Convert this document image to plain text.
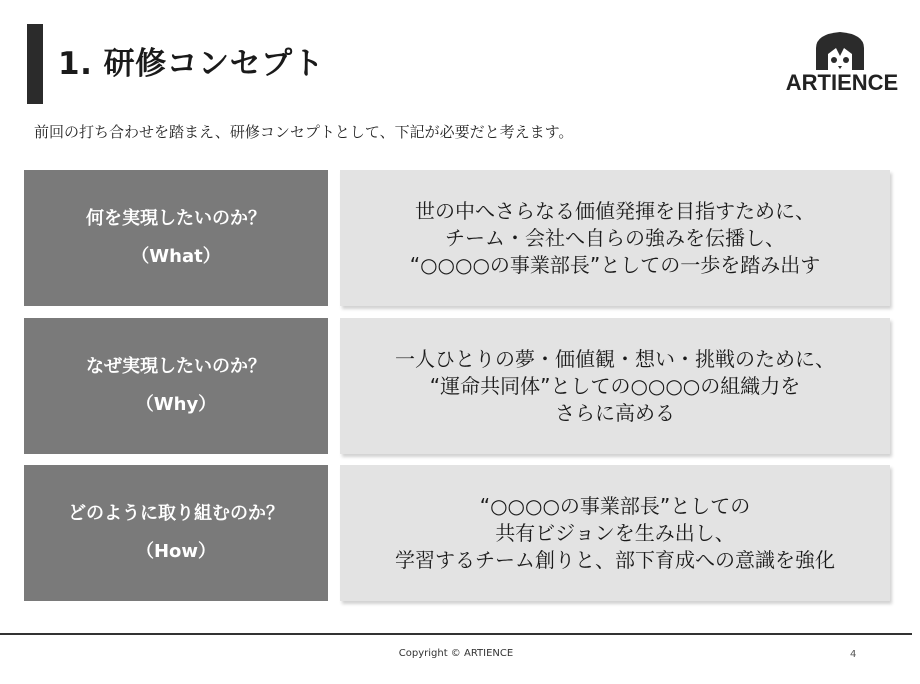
1. 研修コンセプト
ARTIENCE
前回の打ち合わせを踏まえ、研修コンセプトとして、下記が必要だと考えます。
何を実現したいのか？
（What）
世の中へさらなる価値発揮を目指すために、
チーム・会社へ自らの強みを伝播し、
“○○○○の事業部長”としての一歩を踏み出す
なぜ実現したいのか？
（Why）
一人ひとりの夢・価値観・想い・挑戦のために、
“運命共同体”としての○○○○の組織力を
さらに高める
どのように取り組むのか？
（How）
“○○○○の事業部長”としての
共有ビジョンを生み出し、
学習するチーム創りと、部下育成への意識を強化
Copyright © ARTIENCE	4
